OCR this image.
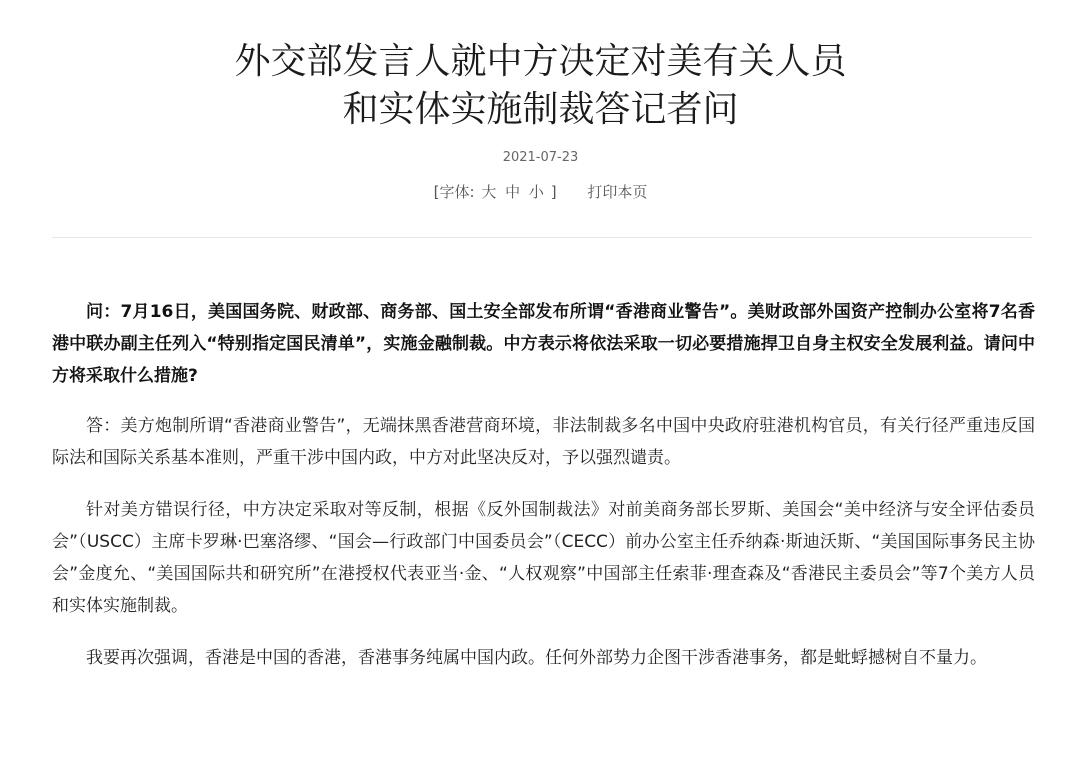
外交部发言人就中方决定对美有关人员
和实体实施制裁答记者问
2021-07-23
[字体: 大 中 小 ] 打印本页

问：7月16日，美国国务院、财政部、商务部、国土安全部发布所谓“香港商业警告”。美财政部外国资产控制办公室将7名香港中联办副主任列入“特别指定国民清单”，实施金融制裁。中方表示将依法采取一切必要措施捍卫自身主权安全发展利益。请问中方将采取什么措施?

答：美方炮制所谓“香港商业警告”，无端抹黑香港营商环境，非法制裁多名中国中央政府驻港机构官员，有关行径严重违反国际法和国际关系基本准则，严重干涉中国内政，中方对此坚决反对，予以强烈谴责。

针对美方错误行径，中方决定采取对等反制，根据《反外国制裁法》对前美商务部长罗斯、美国会“美中经济与安全评估委员会”（USCC）主席卡罗琳·巴塞洛缪、“国会—行政部门中国委员会”（CECC）前办公室主任乔纳森·斯迪沃斯、“美国国际事务民主协会”金度允、“美国国际共和研究所”在港授权代表亚当·金、“人权观察”中国部主任索菲·理查森及“香港民主委员会”等7个美方人员和实体实施制裁。

我要再次强调，香港是中国的香港，香港事务纯属中国内政。任何外部势力企图干涉香港事务，都是蚍蜉撼树自不量力。
